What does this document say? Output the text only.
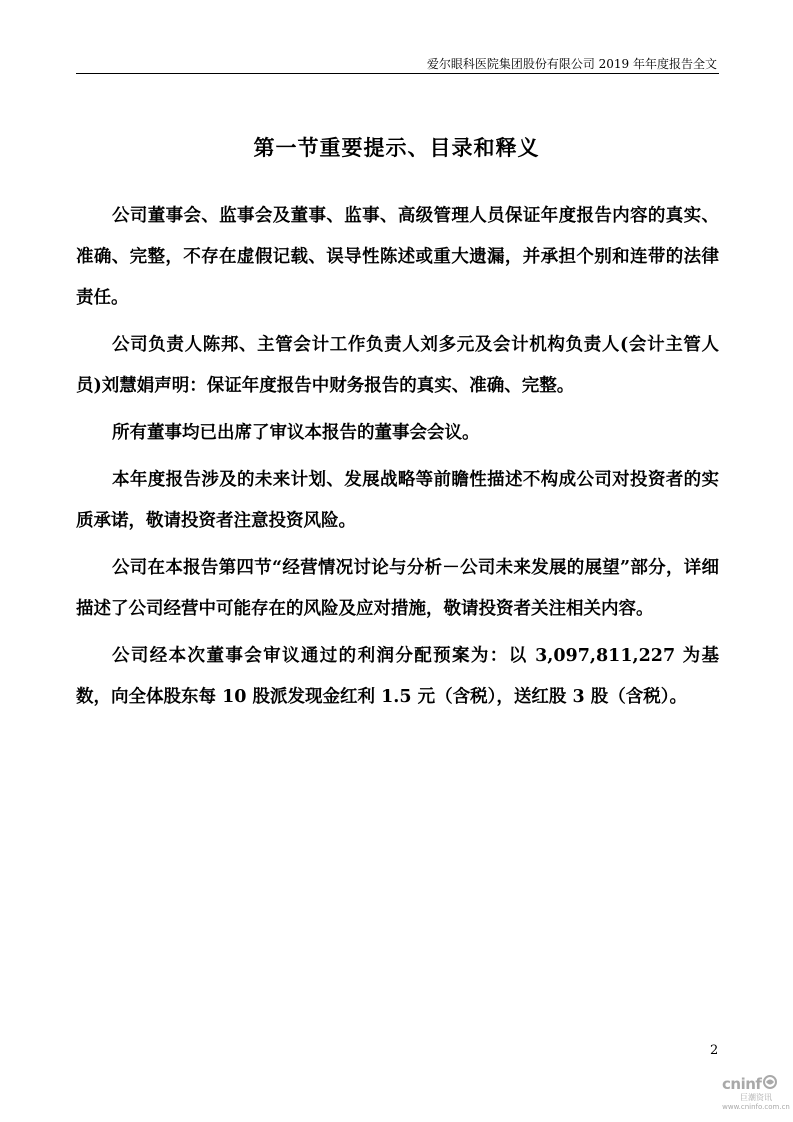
爱尔眼科医院集团股份有限公司 2019 年年度报告全文
第一节重要提示、目录和释义

公司董事会、监事会及董事、监事、高级管理人员保证年度报告内容的真实、准确、完整，不存在虚假记载、误导性陈述或重大遗漏，并承担个别和连带的法律责任。

公司负责人陈邦、主管会计工作负责人刘多元及会计机构负责人(会计主管人员)刘慧娟声明：保证年度报告中财务报告的真实、准确、完整。

所有董事均已出席了审议本报告的董事会会议。

本年度报告涉及的未来计划、发展战略等前瞻性描述不构成公司对投资者的实质承诺，敬请投资者注意投资风险。

公司在本报告第四节“经营情况讨论与分析－公司未来发展的展望”部分，详细描述了公司经营中可能存在的风险及应对措施，敬请投资者关注相关内容。

公司经本次董事会审议通过的利润分配预案为：以 3,097,811,227 为基数，向全体股东每 10 股派发现金红利 1.5 元（含税），送红股 3 股（含税）。

2
cninf
巨潮资讯
www.cninfo.com.cn
